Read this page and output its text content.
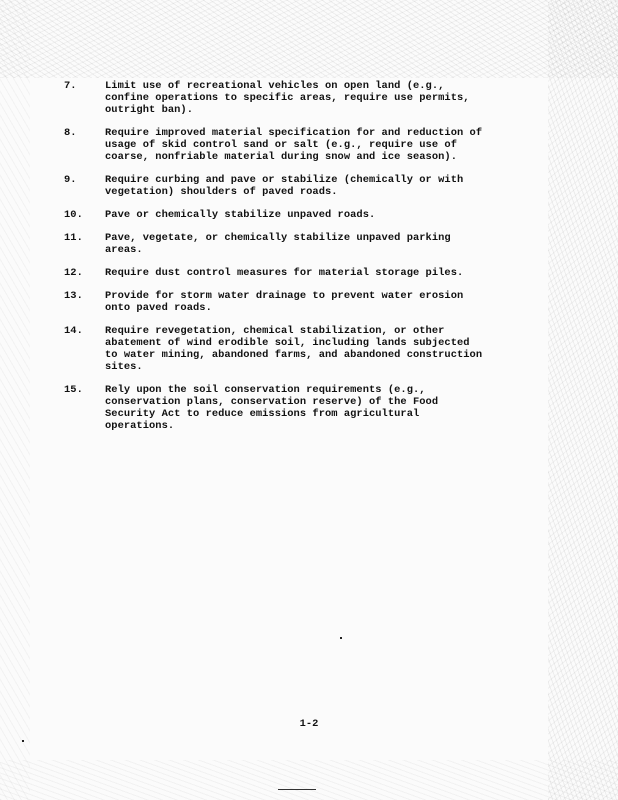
7.	Limit use of recreational vehicles on open land (e.g.,
confine operations to specific areas, require use permits,
outright ban).
8.	Require improved material specification for and reduction of
usage of skid control sand or salt (e.g., require use of
coarse, nonfriable material during snow and ice season).
9.	Require curbing and pave or stabilize (chemically or with
vegetation) shoulders of paved roads.
10.	Pave or chemically stabilize unpaved roads.
11.	Pave, vegetate, or chemically stabilize unpaved parking
areas.
12.	Require dust control measures for material storage piles.
13.	Provide for storm water drainage to prevent water erosion
onto paved roads.
14.	Require revegetation, chemical stabilization, or other
abatement of wind erodible soil, including lands subjected
to water mining, abandoned farms, and abandoned construction
sites.
15.	Rely upon the soil conservation requirements (e.g.,
conservation plans, conservation reserve) of the Food
Security Act to reduce emissions from agricultural
operations.
1-2
